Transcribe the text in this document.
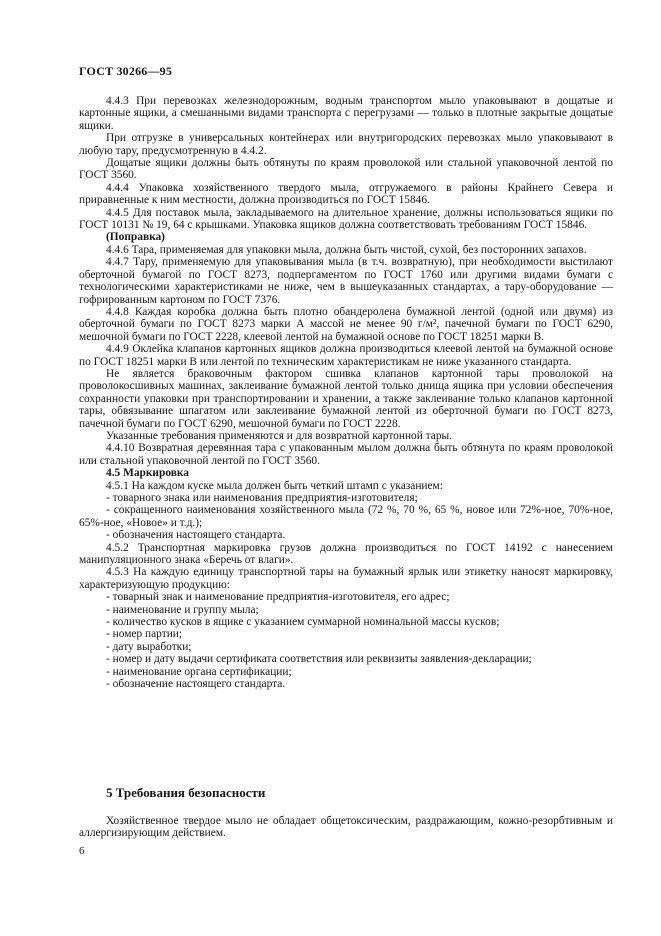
ГОСТ 30266—95

4.4.3 При перевозках железнодорожным, водным транспортом мыло упаковывают в дощатые и картонные ящики, а смешанными видами транспорта с перегрузами — только в плотные закрытые дощатые ящики.

При отгрузке в универсальных контейнерах или внутригородских перевозках мыло упаковывают в любую тару, предусмотренную в 4.4.2.

Дощатые ящики должны быть обтянуты по краям проволокой или стальной упаковочной лентой по ГОСТ 3560.

4.4.4 Упаковка хозяйственного твердого мыла, отгружаемого в районы Крайнего Севера и приравненные к ним местности, должна производиться по ГОСТ 15846.

4.4.5 Для поставок мыла, закладываемого на длительное хранение, должны использоваться ящики по ГОСТ 10131 № 19, 64 с крышками. Упаковка ящиков должна соответствовать требованиям ГОСТ 15846.

(Поправка)

4.4.6 Тара, применяемая для упаковки мыла, должна быть чистой, сухой, без посторонних запахов.

4.4.7 Тару, применяемую для упаковывания мыла (в т.ч. возвратную), при необходимости выстилают оберточной бумагой по ГОСТ 8273, подпергаментом по ГОСТ 1760 или другими видами бумаги с технологическими характеристиками не ниже, чем в вышеуказанных стандартах, а тару-оборудование — гофрированным картоном по ГОСТ 7376.

4.4.8 Каждая коробка должна быть плотно обандеролена бумажной лентой (одной или двумя) из оберточной бумаги по ГОСТ 8273 марки А массой не менее 90 г/м², пачечной бумаги по ГОСТ 6290, мешочной бумаги по ГОСТ 2228, клеевой лентой на бумажной основе по ГОСТ 18251 марки В.

4.4.9 Оклейка клапанов картонных ящиков должна производиться клеевой лентой на бумажной основе по ГОСТ 18251 марки В или лентой по техническим характеристикам не ниже указанного стандарта.

Не является браковочным фактором сшивка клапанов картонной тары проволокой на проволокосшивных машинах, заклеивание бумажной лентой только днища ящика при условии обеспечения сохранности упаковки при транспортировании и хранении, а также заклеивание только клапанов картонной тары, обвязывание шпагатом или заклеивание бумажной лентой из оберточной бумаги по ГОСТ 8273, пачечной бумаги по ГОСТ 6290, мешочной бумаги по ГОСТ 2228.

Указанные требования применяются и для возвратной картонной тары.

4.4.10 Возвратная деревянная тара с упакованным мылом должна быть обтянута по краям проволокой или стальной упаковочной лентой по ГОСТ 3560.

4.5 Маркировка

4.5.1 На каждом куске мыла должен быть четкий штамп с указанием:

- товарного знака или наименования предприятия-изготовителя;

- сокращенного наименования хозяйственного мыла (72 %, 70 %, 65 %, новое или 72%-ное, 70%-ное, 65%-ное, «Новое» и т.д.);

- обозначения настоящего стандарта.

4.5.2 Транспортная маркировка грузов должна производиться по ГОСТ 14192 с нанесением манипуляционного знака «Беречь от влаги».

4.5.3 На каждую единицу транспортной тары на бумажный ярлык или этикетку наносят маркировку, характеризующую продукцию:

- товарный знак и наименование предприятия-изготовителя, его адрес;

- наименование и группу мыла;

- количество кусков в ящике с указанием суммарной номинальной массы кусков;

- номер партии;

- дату выработки;

- номер и дату выдачи сертификата соответствия или реквизиты заявления-декларации;

- наименование органа сертификации;

- обозначение настоящего стандарта.

5 Требования безопасности

Хозяйственное твердое мыло не обладает общетоксическим, раздражающим, кожно-резорбтивным и аллергизирующим действием.

6
